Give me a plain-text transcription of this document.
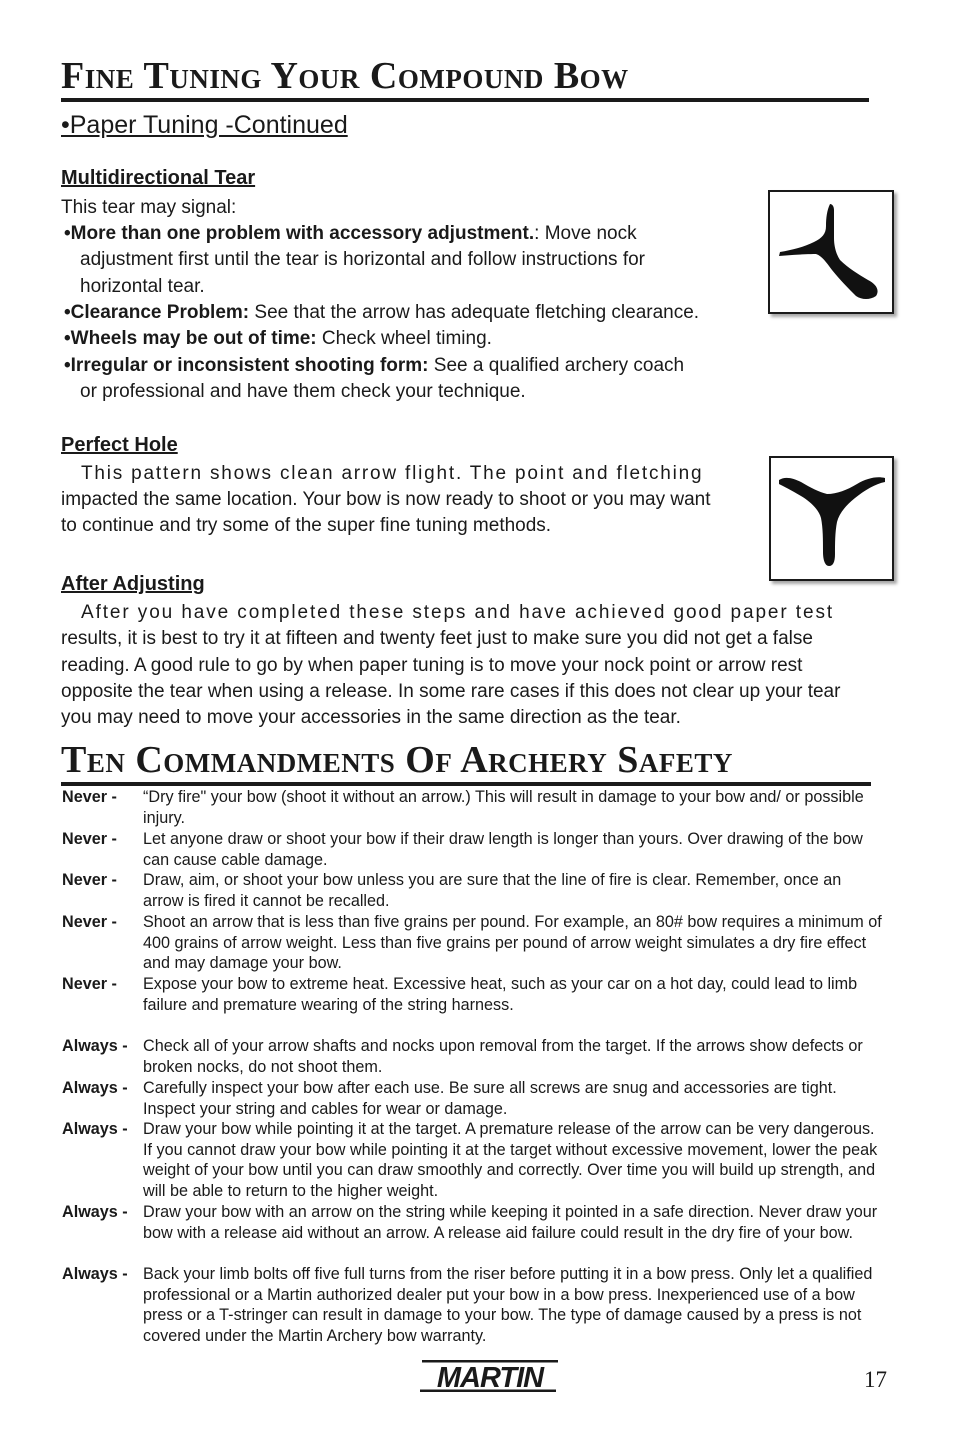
Fine Tuning Your Compound Bow
•Paper Tuning -Continued
Multidirectional Tear
This tear may signal:
•More than one problem with accessory adjustment.: Move nock
adjustment first until the tear is horizontal and follow instructions for
horizontal tear.
•Clearance Problem: See that the arrow has adequate fletching clearance.
•Wheels may be out of time: Check wheel timing.
•Irregular or inconsistent shooting form: See a qualified archery coach
or professional and have them check your technique.
Perfect Hole
This pattern shows clean arrow flight. The point and fletching
impacted the same location. Your bow is now ready to shoot or you may want
to continue and try some of the super fine tuning methods.
After Adjusting
After you have completed these steps and have achieved good paper test
results, it is best to try it at fifteen and twenty feet just to make sure you did not get a false
reading. A good rule to go by when paper tuning is to move your nock point or arrow rest
opposite the tear when using a release. In some rare cases if this does not clear up your tear
you may need to move your accessories in the same direction as the tear.
Ten Commandments Of Archery Safety
Never - “Dry fire" your bow (shoot it without an arrow.) This will result in damage to your bow and/ or possible injury.
Never - Let anyone draw or shoot your bow if their draw length is longer than yours. Over drawing of the bow can cause cable damage.
Never - Draw, aim, or shoot your bow unless you are sure that the line of fire is clear. Remember, once an arrow is fired it cannot be recalled.
Never - Shoot an arrow that is less than five grains per pound. For example, an 80# bow requires a minimum of 400 grains of arrow weight. Less than five grains per pound of arrow weight simulates a dry fire effect and may damage your bow.
Never - Expose your bow to extreme heat. Excessive heat, such as your car on a hot day, could lead to limb failure and premature wearing of the string harness.
Always - Check all of your arrow shafts and nocks upon removal from the target. If the arrows show defects or broken nocks, do not shoot them.
Always - Carefully inspect your bow after each use. Be sure all screws are snug and accessories are tight. Inspect your string and cables for wear or damage.
Always - Draw your bow while pointing it at the target. A premature release of the arrow can be very dangerous. If you cannot draw your bow while pointing it at the target without excessive movement, lower the peak weight of your bow until you can draw smoothly and correctly. Over time you will build up strength, and will be able to return to the higher weight.
Always - Draw your bow with an arrow on the string while keeping it pointed in a safe direction. Never draw your bow with a release aid without an arrow. A release aid failure could result in the dry fire of your bow.
Always - Back your limb bolts off five full turns from the riser before putting it in a bow press. Only let a qualified professional or a Martin authorized dealer put your bow in a bow press. Inexperienced use of a bow press or a T-stringer can result in damage to your bow. The type of damage caused by a press is not covered under the Martin Archery bow warranty.
MARTIN	17
